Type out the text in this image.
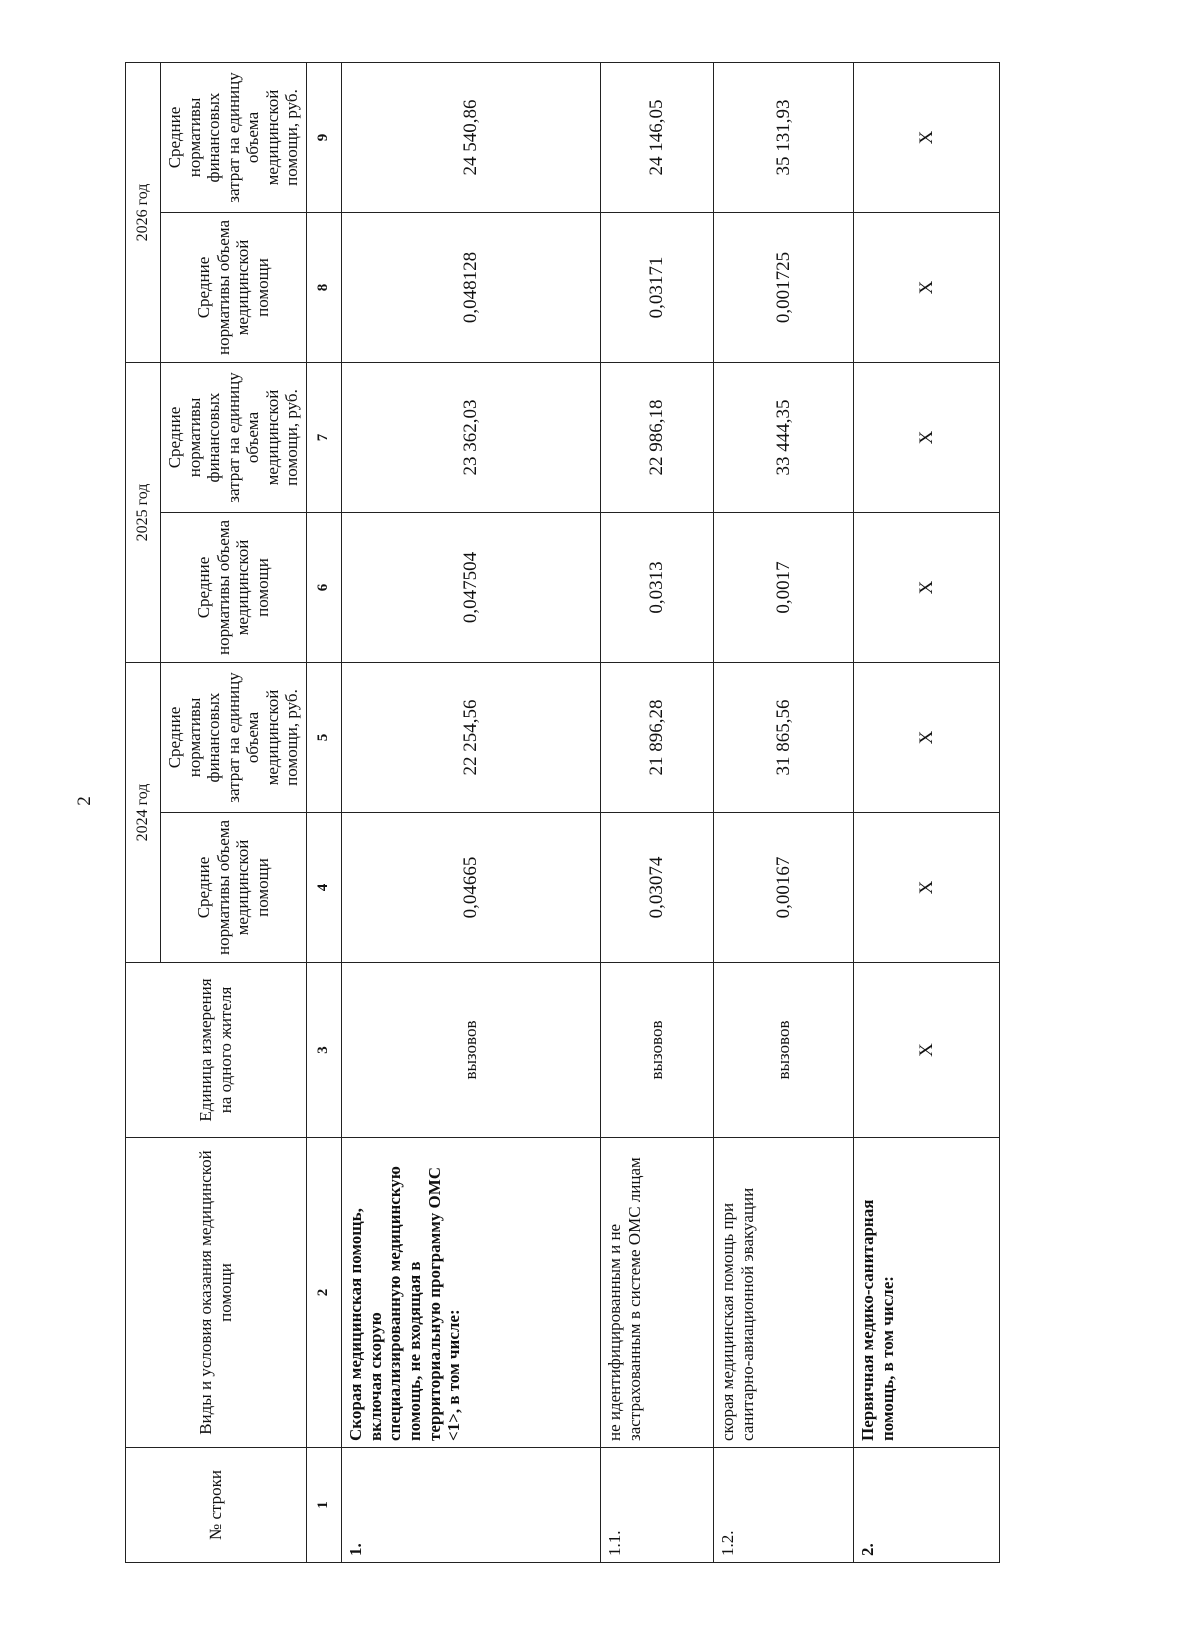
2
№ строки	Виды и условия оказания медицинской помощи	Единица измерения на одного жителя	2024 год		2025 год		2026 год	
			Средние нормативы объема медицинской помощи	Средние нормативы финансовых затрат на единицу объема медицинской помощи, руб.	Средние нормативы объема медицинской помощи	Средние нормативы финансовых затрат на единицу объема медицинской помощи, руб.	Средние нормативы объема медицинской помощи	Средние нормативы финансовых затрат на единицу объема медицинской помощи, руб.
1	2	3	4	5	6	7	8	9
1.	Скорая медицинская помощь, включая скорую специализированную медицинскую помощь, не входящая в территориальную программу ОМС <1>, в том числе:	вызовов	0,04665	22 254,56	0,047504	23 362,03	0,048128	24 540,86
1.1.	не идентифицированным и не застрахованным в системе ОМС лицам	вызовов	0,03074	21 896,28	0,0313	22 986,18	0,03171	24 146,05
1.2.	скорая медицинская помощь при санитарно-авиационной эвакуации	вызовов	0,00167	31 865,56	0,0017	33 444,35	0,001725	35 131,93
2.	Первичная медико-санитарная помощь, в том числе:	Х	Х	Х	Х	Х	Х	Х
